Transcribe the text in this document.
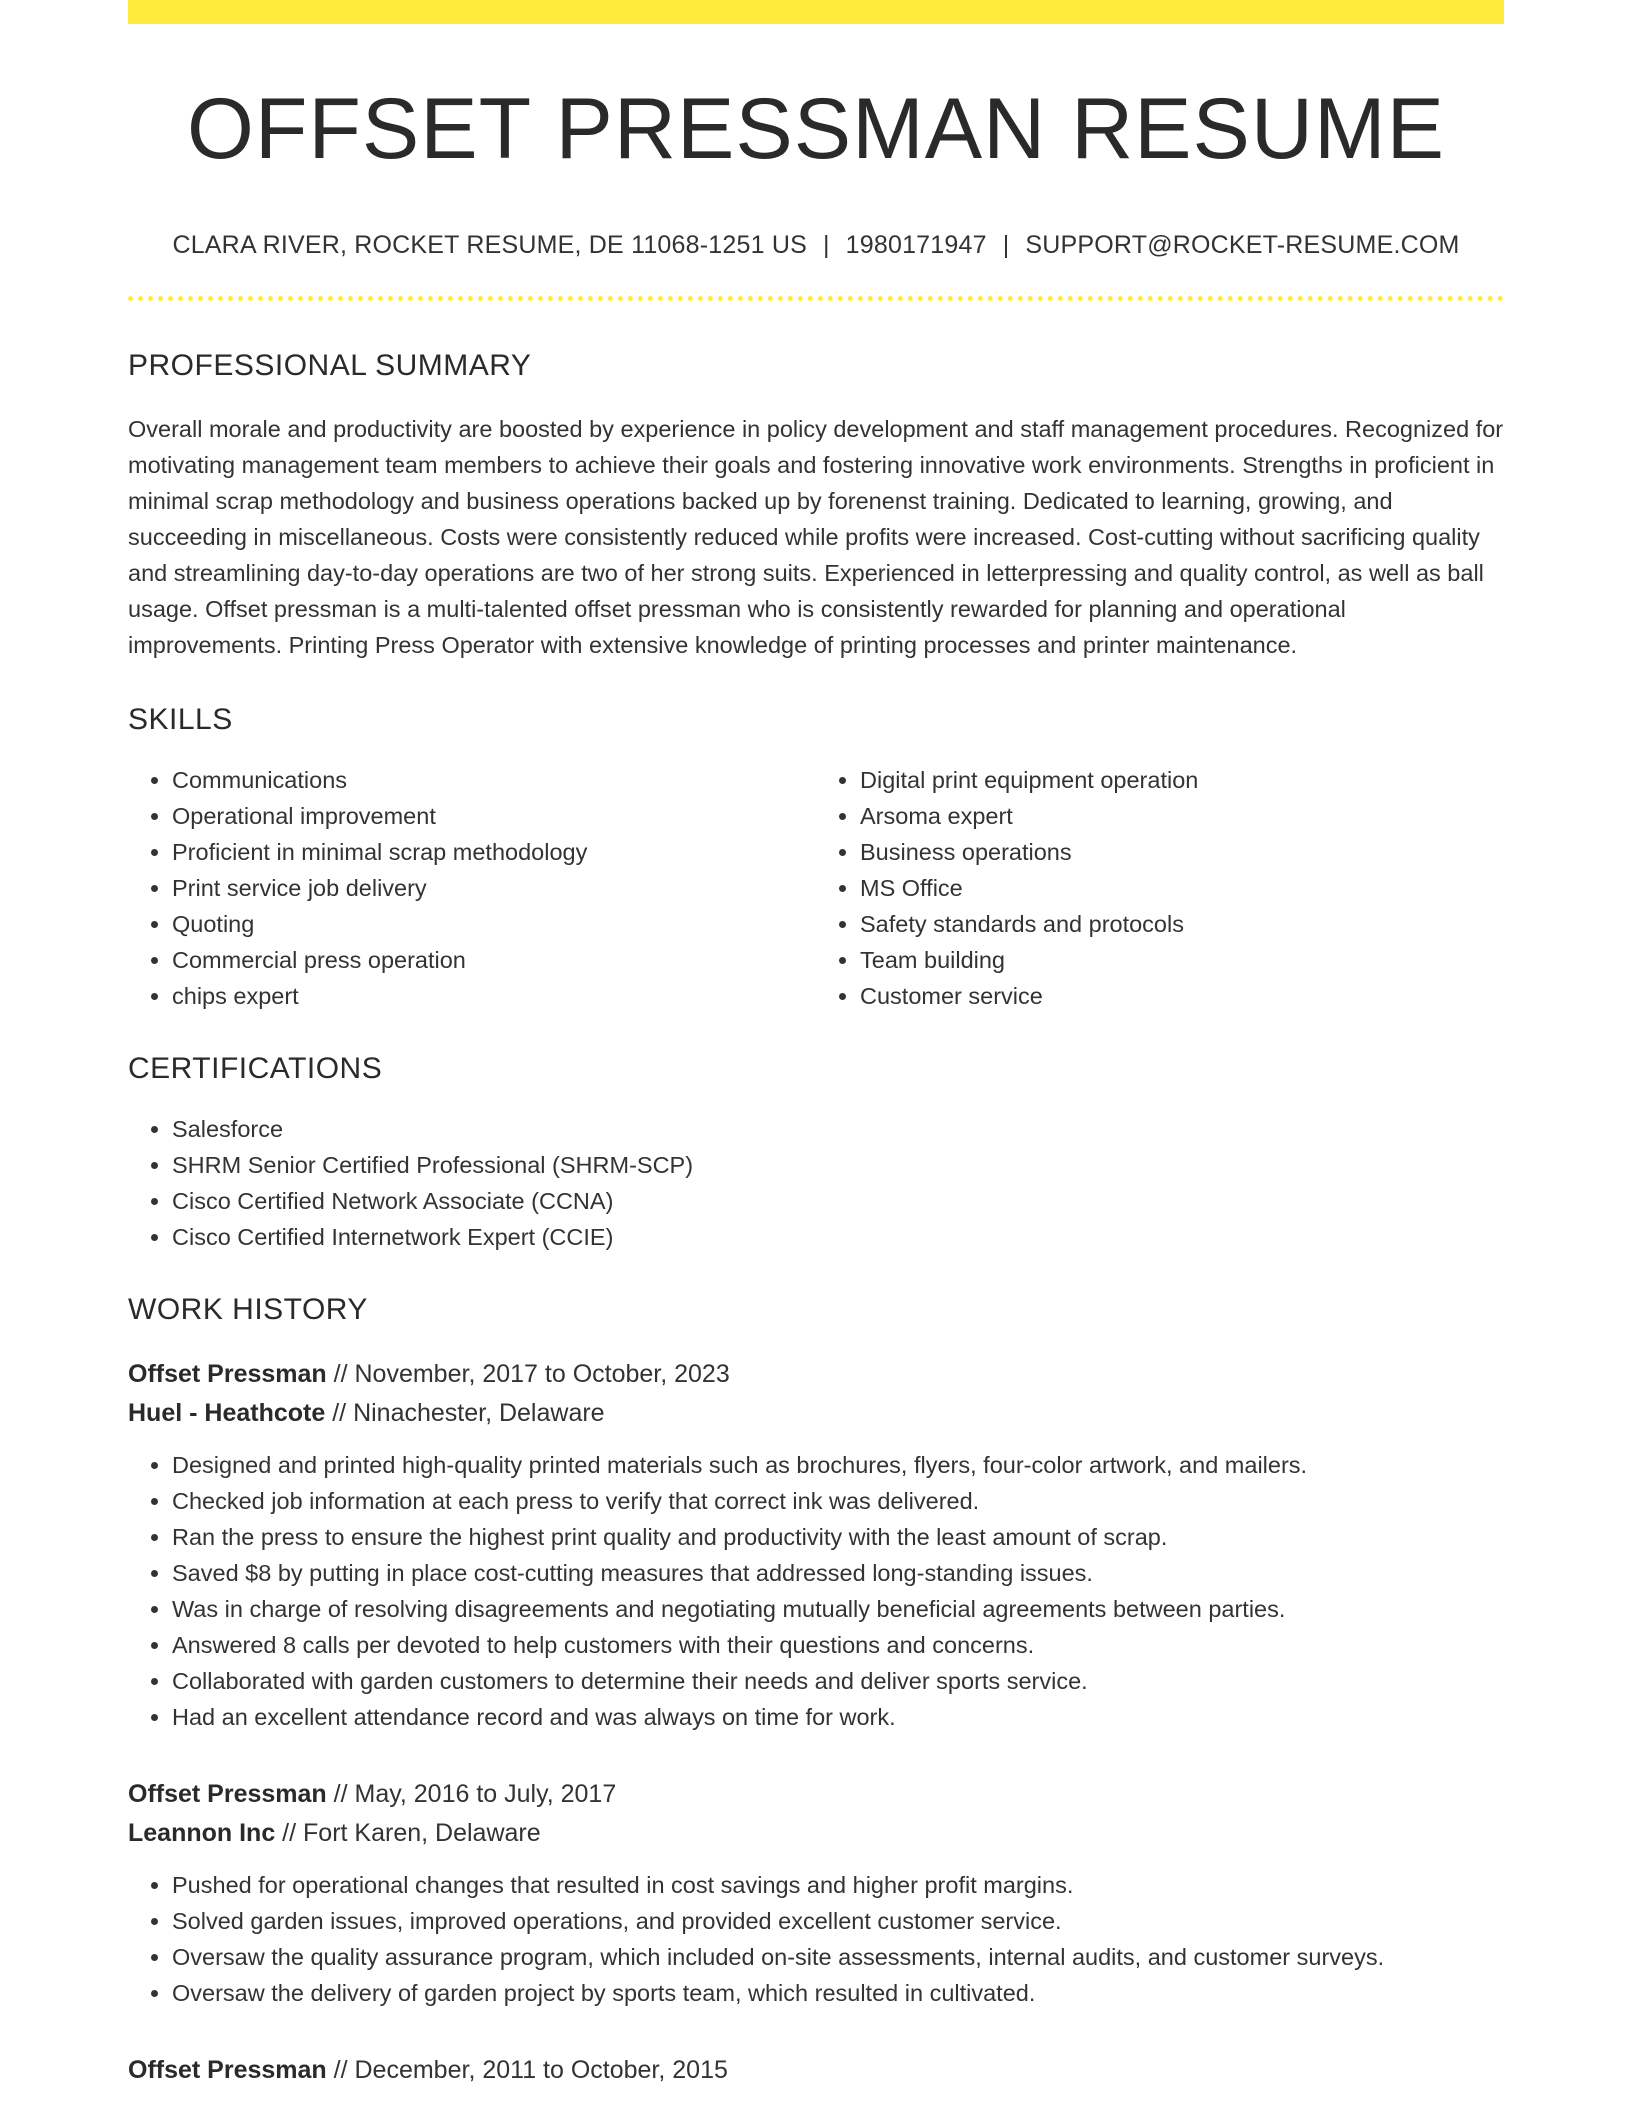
OFFSET PRESSMAN RESUME
CLARA RIVER, ROCKET RESUME, DE 11068-1251 US | 1980171947 | SUPPORT@ROCKET-RESUME.COM
PROFESSIONAL SUMMARY

Overall morale and productivity are boosted by experience in policy development and staff management procedures. Recognized for motivating management team members to achieve their goals and fostering innovative work environments. Strengths in proficient in minimal scrap methodology and business operations backed up by forenenst training. Dedicated to learning, growing, and succeeding in miscellaneous. Costs were consistently reduced while profits were increased. Cost-cutting without sacrificing quality and streamlining day-to-day operations are two of her strong suits. Experienced in letterpressing and quality control, as well as ball usage. Offset pressman is a multi-talented offset pressman who is consistently rewarded for planning and operational improvements. Printing Press Operator with extensive knowledge of printing processes and printer maintenance.

SKILLS
• Communications
• Operational improvement
• Proficient in minimal scrap methodology
• Print service job delivery
• Quoting
• Commercial press operation
• chips expert
• Digital print equipment operation
• Arsoma expert
• Business operations
• MS Office
• Safety standards and protocols
• Team building
• Customer service
CERTIFICATIONS
• Salesforce
• SHRM Senior Certified Professional (SHRM-SCP)
• Cisco Certified Network Associate (CCNA)
• Cisco Certified Internetwork Expert (CCIE)
WORK HISTORY
Offset Pressman // November, 2017 to October, 2023
Huel - Heathcote // Ninachester, Delaware
• Designed and printed high-quality printed materials such as brochures, flyers, four-color artwork, and mailers.
• Checked job information at each press to verify that correct ink was delivered.
• Ran the press to ensure the highest print quality and productivity with the least amount of scrap.
• Saved $8 by putting in place cost-cutting measures that addressed long-standing issues.
• Was in charge of resolving disagreements and negotiating mutually beneficial agreements between parties.
• Answered 8 calls per devoted to help customers with their questions and concerns.
• Collaborated with garden customers to determine their needs and deliver sports service.
• Had an excellent attendance record and was always on time for work.
Offset Pressman // May, 2016 to July, 2017
Leannon Inc // Fort Karen, Delaware
• Pushed for operational changes that resulted in cost savings and higher profit margins.
• Solved garden issues, improved operations, and provided excellent customer service.
• Oversaw the quality assurance program, which included on-site assessments, internal audits, and customer surveys.
• Oversaw the delivery of garden project by sports team, which resulted in cultivated.
Offset Pressman // December, 2011 to October, 2015
